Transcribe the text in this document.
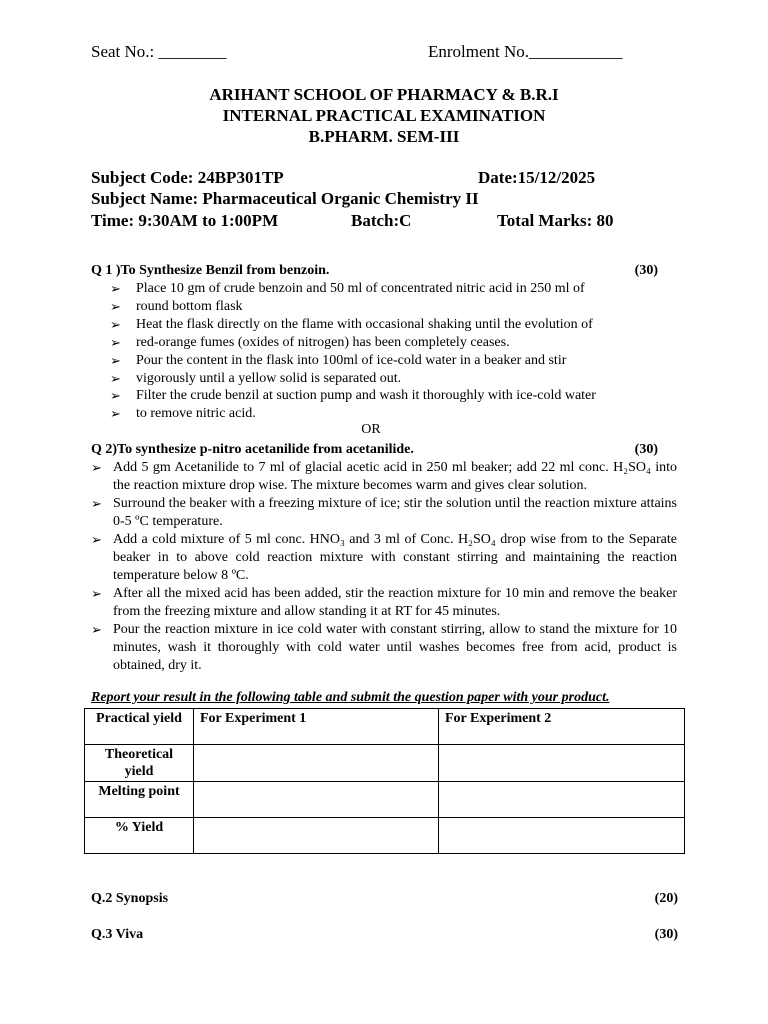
Seat No.: ________	Enrolment No.___________
ARIHANT SCHOOL OF PHARMACY & B.R.I
INTERNAL PRACTICAL EXAMINATION
B.PHARM. SEM-III
Subject Code: 24BP301TP	Date:15/12/2025
Subject Name: Pharmaceutical Organic Chemistry II
Time: 9:30AM to 1:00PM	Batch:C	Total Marks: 80
Q 1 )To Synthesize Benzil from benzoin.	(30)
➢ Place 10 gm of crude benzoin and 50 ml of concentrated nitric acid in 250 ml of
➢ round bottom flask
➢ Heat the flask directly on the flame with occasional shaking until the evolution of
➢ red-orange fumes (oxides of nitrogen) has been completely ceases.
➢ Pour the content in the flask into 100ml of ice-cold water in a beaker and stir
➢ vigorously until a yellow solid is separated out.
➢ Filter the crude benzil at suction pump and wash it thoroughly with ice-cold water
➢ to remove nitric acid.
OR
Q 2)To synthesize p-nitro acetanilide from acetanilide.	(30)
➢ Add 5 gm Acetanilide to 7 ml of glacial acetic acid in 250 ml beaker; add 22 ml conc. H₂SO₄ into the reaction mixture drop wise. The mixture becomes warm and gives clear solution.
➢ Surround the beaker with a freezing mixture of ice; stir the solution until the reaction mixture attains 0-5 ºC temperature.
➢ Add a cold mixture of 5 ml conc. HNO₃ and 3 ml of Conc. H₂SO₄ drop wise from to the Separate beaker in to above cold reaction mixture with constant stirring and maintaining the reaction temperature below 8 ºC.
➢ After all the mixed acid has been added, stir the reaction mixture for 10 min and remove the beaker from the freezing mixture and allow standing it at RT for 45 minutes.
➢ Pour the reaction mixture in ice cold water with constant stirring, allow to stand the mixture for 10 minutes, wash it thoroughly with cold water until washes becomes free from acid, product is obtained, dry it.
Report your result in the following table and submit the question paper with your product.
Practical yield	For Experiment 1	For Experiment 2
Theoretical yield		
Melting point		
% Yield		
Q.2 Synopsis	(20)
Q.3 Viva	(30)
